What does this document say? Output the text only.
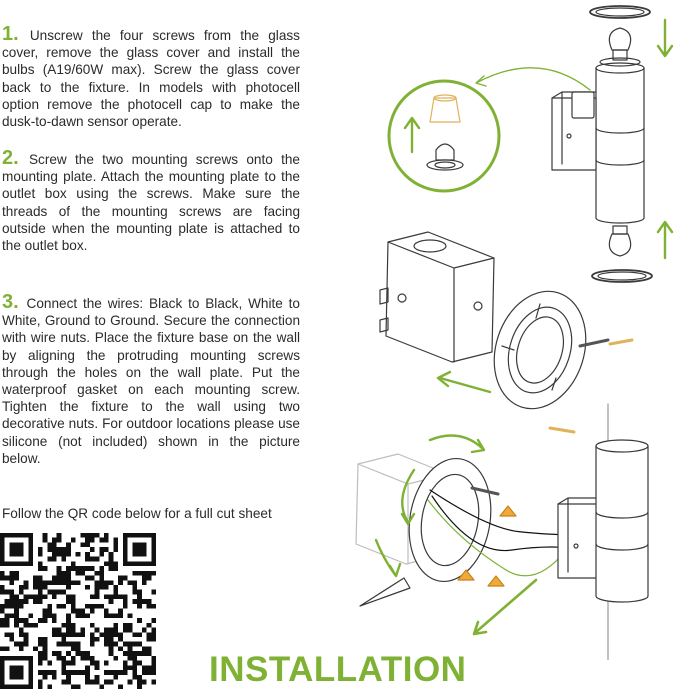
1. Unscrew the four screws from the glass cover, remove the glass cover and install the bulbs (A19/60W max). Screw the glass cover back to the fixture. In models with photocell option remove the photocell cap to make the dusk-to-dawn sensor operate.
2. Screw the two mounting screws onto the mounting plate. Attach the mounting plate to the outlet box using the screws. Make sure the threads of the mounting screws are facing outside when the mounting plate is attached to the outlet box.
3. Connect the wires: Black to Black, White to White, Ground to Ground. Secure the connection with wire nuts. Place the fixture base on the wall by aligning the protruding mounting screws through the holes on the wall plate. Put the waterproof gasket on each mounting screw. Tighten the fixture to the wall using two decorative nuts. For outdoor locations please use silicone (not included) shown in the picture below.
Follow the QR code below for a full cut sheet
INSTALLATION
